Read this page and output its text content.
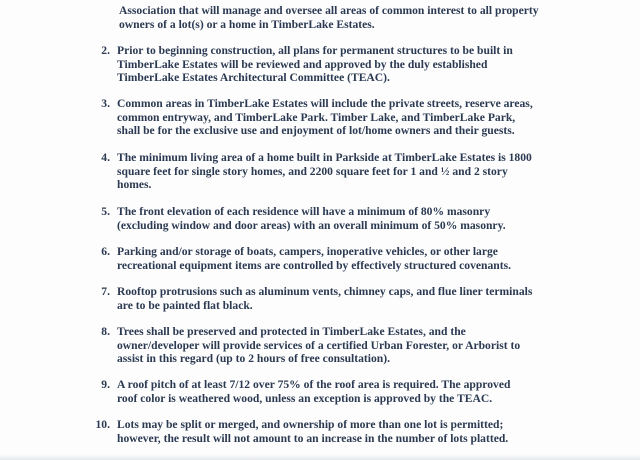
Association that will manage and oversee all areas of common interest to all property
owners of a lot(s) or a home in TimberLake Estates.
2. Prior to beginning construction, all plans for permanent structures to be built in
TimberLake Estates will be reviewed and approved by the duly established
TimberLake Estates Architectural Committee (TEAC).
3. Common areas in TimberLake Estates will include the private streets, reserve areas,
common entryway, and TimberLake Park. Timber Lake, and TimberLake Park,
shall be for the exclusive use and enjoyment of lot/home owners and their guests.
4. The minimum living area of a home built in Parkside at TimberLake Estates is 1800
square feet for single story homes, and 2200 square feet for 1 and ½ and 2 story
homes.
5. The front elevation of each residence will have a minimum of 80% masonry
(excluding window and door areas) with an overall minimum of 50% masonry.
6. Parking and/or storage of boats, campers, inoperative vehicles, or other large
recreational equipment items are controlled by effectively structured covenants.
7. Rooftop protrusions such as aluminum vents, chimney caps, and flue liner terminals
are to be painted flat black.
8. Trees shall be preserved and protected in TimberLake Estates, and the
owner/developer will provide services of a certified Urban Forester, or Arborist to
assist in this regard (up to 2 hours of free consultation).
9. A roof pitch of at least 7/12 over 75% of the roof area is required. The approved
roof color is weathered wood, unless an exception is approved by the TEAC.
10. Lots may be split or merged, and ownership of more than one lot is permitted;
however, the result will not amount to an increase in the number of lots platted.
